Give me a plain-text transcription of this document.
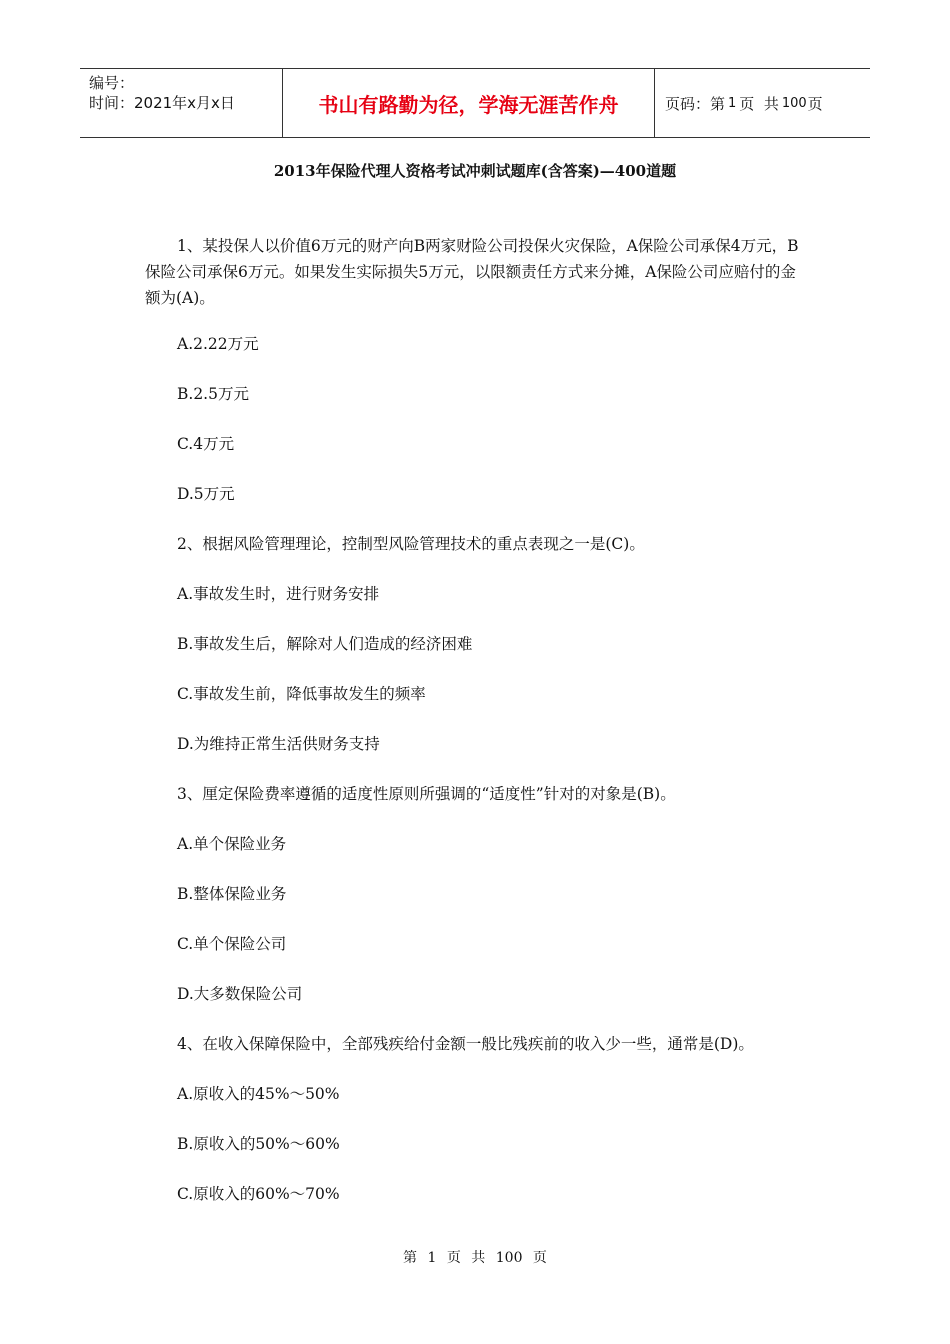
编号：
时间：2021年x月x日	书山有路勤为径，学海无涯苦作舟	页码：第 1 页  共 100 页
2013年保险代理人资格考试冲刺试题库(含答案)—400道题

1、某投保人以价值6万元的财产向B两家财险公司投保火灾保险，A保险公司承保4万元，B保险公司承保6万元。如果发生实际损失5万元，以限额责任方式来分摊，A保险公司应赔付的金额为(A)。

A.2.22万元

B.2.5万元

C.4万元

D.5万元

2、根据风险管理理论，控制型风险管理技术的重点表现之一是(C)。

A.事故发生时，进行财务安排

B.事故发生后，解除对人们造成的经济困难

C.事故发生前，降低事故发生的频率

D.为维持正常生活供财务支持

3、厘定保险费率遵循的适度性原则所强调的“适度性”针对的对象是(B)。

A.单个保险业务

B.整体保险业务

C.单个保险公司

D.大多数保险公司

4、在收入保障保险中，全部残疾给付金额一般比残疾前的收入少一些，通常是(D)。

A.原收入的45%～50%

B.原收入的50%～60%

C.原收入的60%～70%

第 1 页 共 100 页
